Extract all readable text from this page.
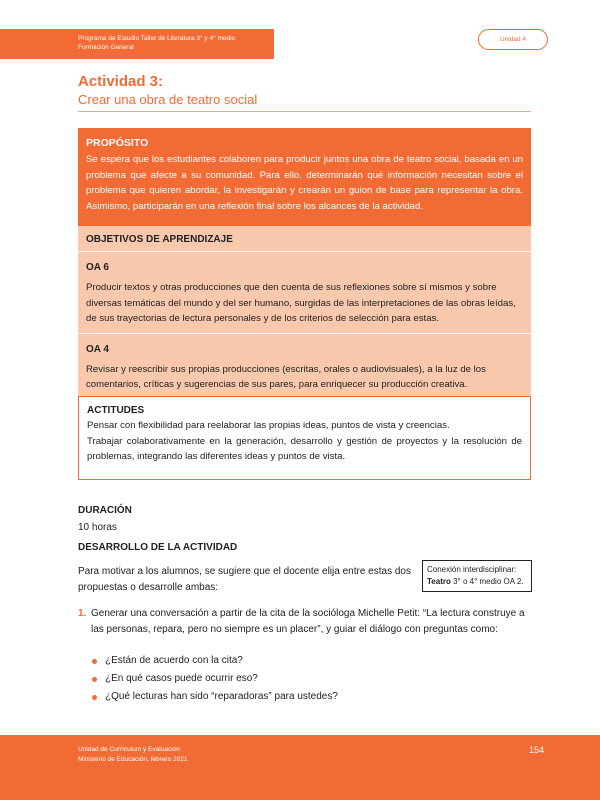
Programa de Estudio Taller de Literatura 3° y 4° medio
Formación General
Unidad 4
Actividad 3:
Crear una obra de teatro social
PROPÓSITO

Se espera que los estudiantes colaboren para producir juntos una obra de teatro social, basada en un problema que afecte a su comunidad. Para ello, determinarán qué información necesitan sobre el problema que quieren abordar, la investigarán y crearán un guion de base para representar la obra. Asimismo, participarán en una reflexión final sobre los alcances de la actividad.

OBJETIVOS DE APRENDIZAJE
OA 6

Producir textos y otras producciones que den cuenta de sus reflexiones sobre sí mismos y sobre diversas temáticas del mundo y del ser humano, surgidas de las interpretaciones de las obras leídas, de sus trayectorias de lectura personales y de los criterios de selección para estas.

OA 4

Revisar y reescribir sus propias producciones (escritas, orales o audiovisuales), a la luz de los comentarios, críticas y sugerencias de sus pares, para enriquecer su producción creativa.

ACTITUDES

Pensar con flexibilidad para reelaborar las propias ideas, puntos de vista y creencias.

Trabajar colaborativamente en la generación, desarrollo y gestión de proyectos y la resolución de problemas, integrando las diferentes ideas y puntos de vista.

DURACIÓN
10 horas
DESARROLLO DE LA ACTIVIDAD
Para motivar a los alumnos, se sugiere que el docente elija entre estas dos propuestas o desarrolle ambas:
Conexión interdisciplinar:
Teatro 3° o 4° medio OA 2.
1. Generar una conversación a partir de la cita de la socióloga Michelle Petit: “La lectura construye a las personas, repara, pero no siempre es un placer”, y guiar el diálogo con preguntas como:
¿Están de acuerdo con la cita?
¿En qué casos puede ocurrir eso?
¿Qué lecturas han sido “reparadoras” para ustedes?
Unidad de Currículum y Evaluación
Ministerio de Educación, febrero 2021
154
